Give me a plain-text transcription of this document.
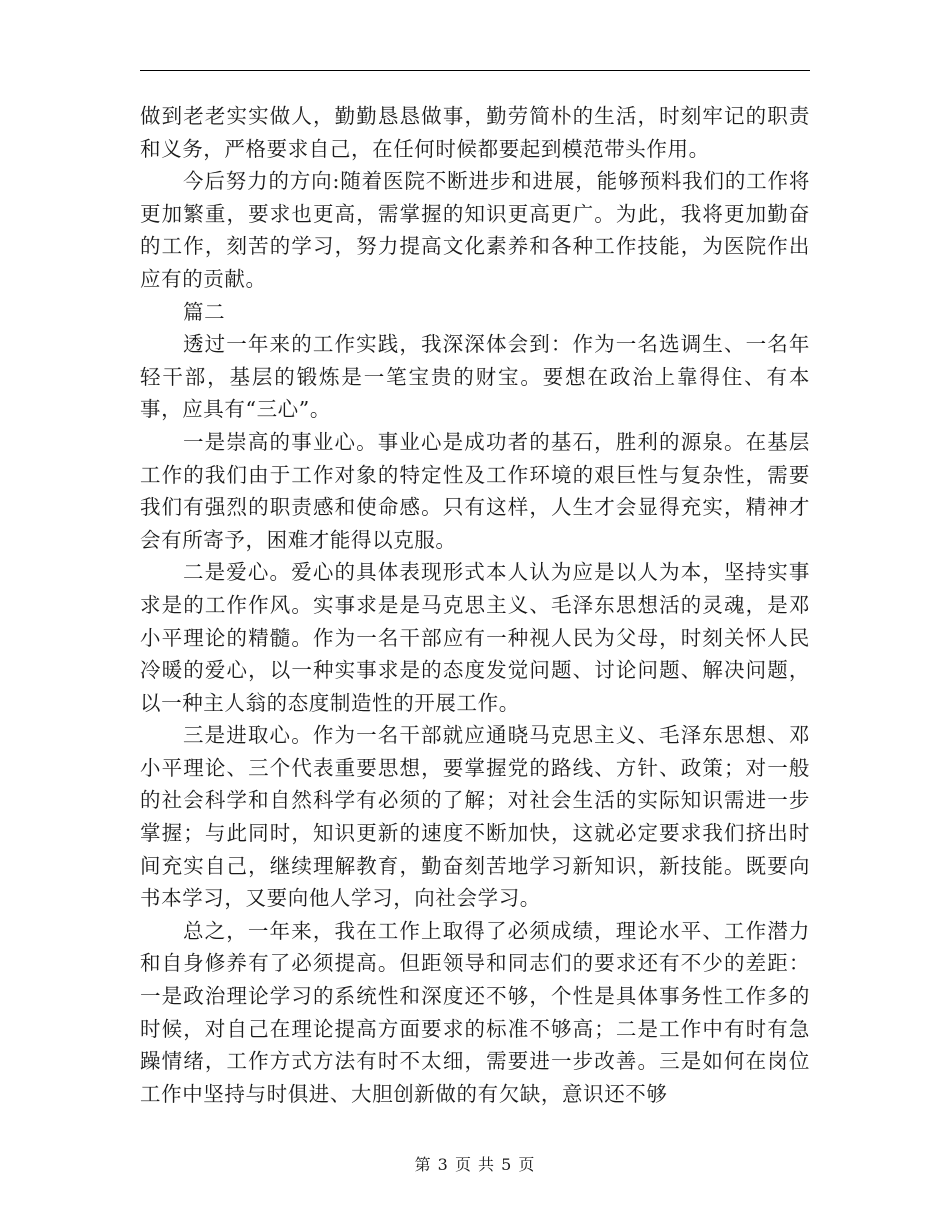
做到老老实实做人，勤勤恳恳做事，勤劳简朴的生活，时刻牢记的职责和义务，严格要求自己，在任何时候都要起到模范带头作用。

今后努力的方向:随着医院不断进步和进展，能够预料我们的工作将更加繁重，要求也更高，需掌握的知识更高更广。为此，我将更加勤奋的工作，刻苦的学习，努力提高文化素养和各种工作技能，为医院作出应有的贡献。

篇二

透过一年来的工作实践，我深深体会到：作为一名选调生、一名年轻干部，基层的锻炼是一笔宝贵的财宝。要想在政治上靠得住、有本事，应具有“三心”。

一是崇高的事业心。事业心是成功者的基石，胜利的源泉。在基层工作的我们由于工作对象的特定性及工作环境的艰巨性与复杂性，需要我们有强烈的职责感和使命感。只有这样，人生才会显得充实，精神才会有所寄予，困难才能得以克服。

二是爱心。爱心的具体表现形式本人认为应是以人为本，坚持实事求是的工作作风。实事求是是马克思主义、毛泽东思想活的灵魂，是邓小平理论的精髓。作为一名干部应有一种视人民为父母，时刻关怀人民冷暖的爱心，以一种实事求是的态度发觉问题、讨论问题、解决问题，以一种主人翁的态度制造性的开展工作。

三是进取心。作为一名干部就应通晓马克思主义、毛泽东思想、邓小平理论、三个代表重要思想，要掌握党的路线、方针、政策；对一般的社会科学和自然科学有必须的了解；对社会生活的实际知识需进一步掌握；与此同时，知识更新的速度不断加快，这就必定要求我们挤出时间充实自己，继续理解教育，勤奋刻苦地学习新知识，新技能。既要向书本学习，又要向他人学习，向社会学习。

总之，一年来，我在工作上取得了必须成绩，理论水平、工作潜力和自身修养有了必须提高。但距领导和同志们的要求还有不少的差距：一是政治理论学习的系统性和深度还不够，个性是具体事务性工作多的时候，对自己在理论提高方面要求的标准不够高；二是工作中有时有急躁情绪，工作方式方法有时不太细，需要进一步改善。三是如何在岗位工作中坚持与时俱进、大胆创新做的有欠缺，意识还不够

第 3 页 共 5 页
